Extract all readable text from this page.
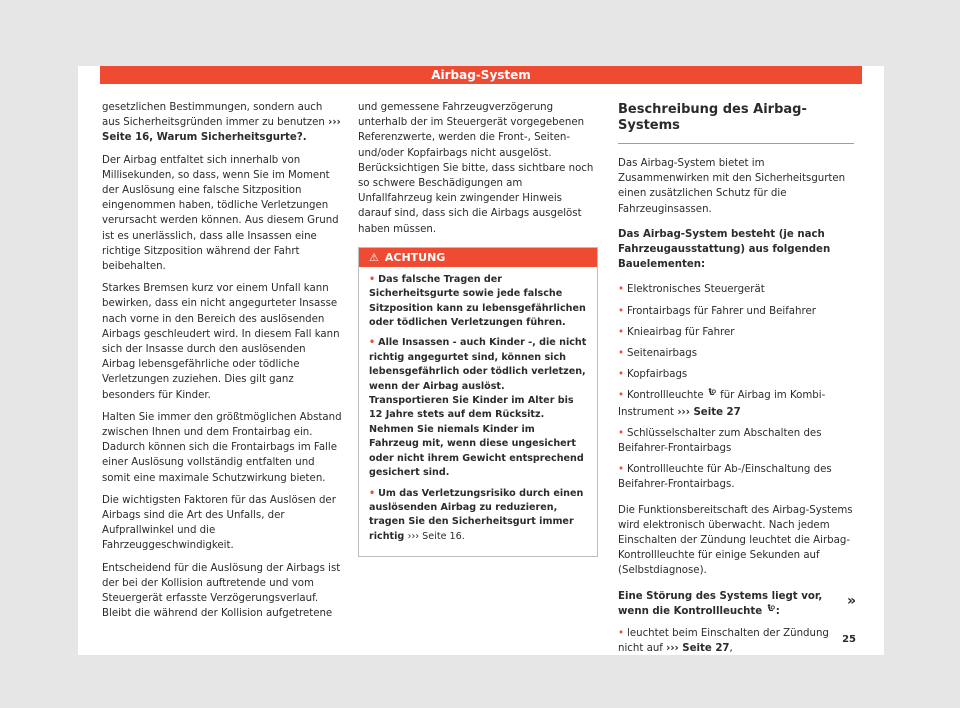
Airbag-System

gesetzlichen Bestimmungen, sondern auch aus Sicherheitsgründen immer zu benutzen ››› Seite 16, Warum Sicherheitsgurte?.

Der Airbag entfaltet sich innerhalb von Millisekunden, so dass, wenn Sie im Moment der Auslösung eine falsche Sitzposition eingenommen haben, tödliche Verletzungen verursacht werden können. Aus diesem Grund ist es unerlässlich, dass alle Insassen eine richtige Sitzposition während der Fahrt beibehalten.

Starkes Bremsen kurz vor einem Unfall kann bewirken, dass ein nicht angegurteter Insasse nach vorne in den Bereich des auslösenden Airbags geschleudert wird. In diesem Fall kann sich der Insasse durch den auslösenden Airbag lebensgefährliche oder tödliche Verletzungen zuziehen. Dies gilt ganz besonders für Kinder.

Halten Sie immer den größtmöglichen Abstand zwischen Ihnen und dem Frontairbag ein. Dadurch können sich die Frontairbags im Falle einer Auslösung vollständig entfalten und somit eine maximale Schutzwirkung bieten.

Die wichtigsten Faktoren für das Auslösen der Airbags sind die Art des Unfalls, der Aufprallwinkel und die Fahrzeuggeschwindigkeit.

Entscheidend für die Auslösung der Airbags ist der bei der Kollision auftretende und vom Steuergerät erfasste Verzögerungsverlauf. Bleibt die während der Kollision aufgetretene

und gemessene Fahrzeugverzögerung unterhalb der im Steuergerät vorgegebenen Referenzwerte, werden die Front-, Seiten- und/oder Kopfairbags nicht ausgelöst. Berücksichtigen Sie bitte, dass sichtbare noch so schwere Beschädigungen am Unfallfahrzeug kein zwingender Hinweis darauf sind, dass sich die Airbags ausgelöst haben müssen.

⚠ ACHTUNG
• Das falsche Tragen der Sicherheitsgurte sowie jede falsche Sitzposition kann zu lebensgefährlichen oder tödlichen Verletzungen führen.
• Alle Insassen - auch Kinder -, die nicht richtig angegurtet sind, können sich lebensgefährlich oder tödlich verletzen, wenn der Airbag auslöst. Transportieren Sie Kinder im Alter bis 12 Jahre stets auf dem Rücksitz. Nehmen Sie niemals Kinder im Fahrzeug mit, wenn diese ungesichert oder nicht ihrem Gewicht entsprechend gesichert sind.
• Um das Verletzungsrisiko durch einen auslösenden Airbag zu reduzieren, tragen Sie den Sicherheitsgurt immer richtig ››› Seite 16.
Beschreibung des Airbag-Systems

Das Airbag-System bietet im Zusammenwirken mit den Sicherheitsgurten einen zusätzlichen Schutz für die Fahrzeuginsassen.

Das Airbag-System besteht (je nach Fahrzeugausstattung) aus folgenden Bauelementen:

• Elektronisches Steuergerät
• Frontairbags für Fahrer und Beifahrer
• Knieairbag für Fahrer
• Seitenairbags
• Kopfairbags
• Kontrollleuchte für Airbag im Kombi-Instrument ››› Seite 27
• Schlüsselschalter zum Abschalten des Beifahrer-Frontairbags
• Kontrollleuchte für Ab-/Einschaltung des Beifahrer-Frontairbags.

Die Funktionsbereitschaft des Airbag-Systems wird elektronisch überwacht. Nach jedem Einschalten der Zündung leuchtet die Airbag-Kontrollleuchte für einige Sekunden auf (Selbstdiagnose).

Eine Störung des Systems liegt vor, wenn die Kontrollleuchte :

• leuchtet beim Einschalten der Zündung nicht auf ››› Seite 27,
»
25
